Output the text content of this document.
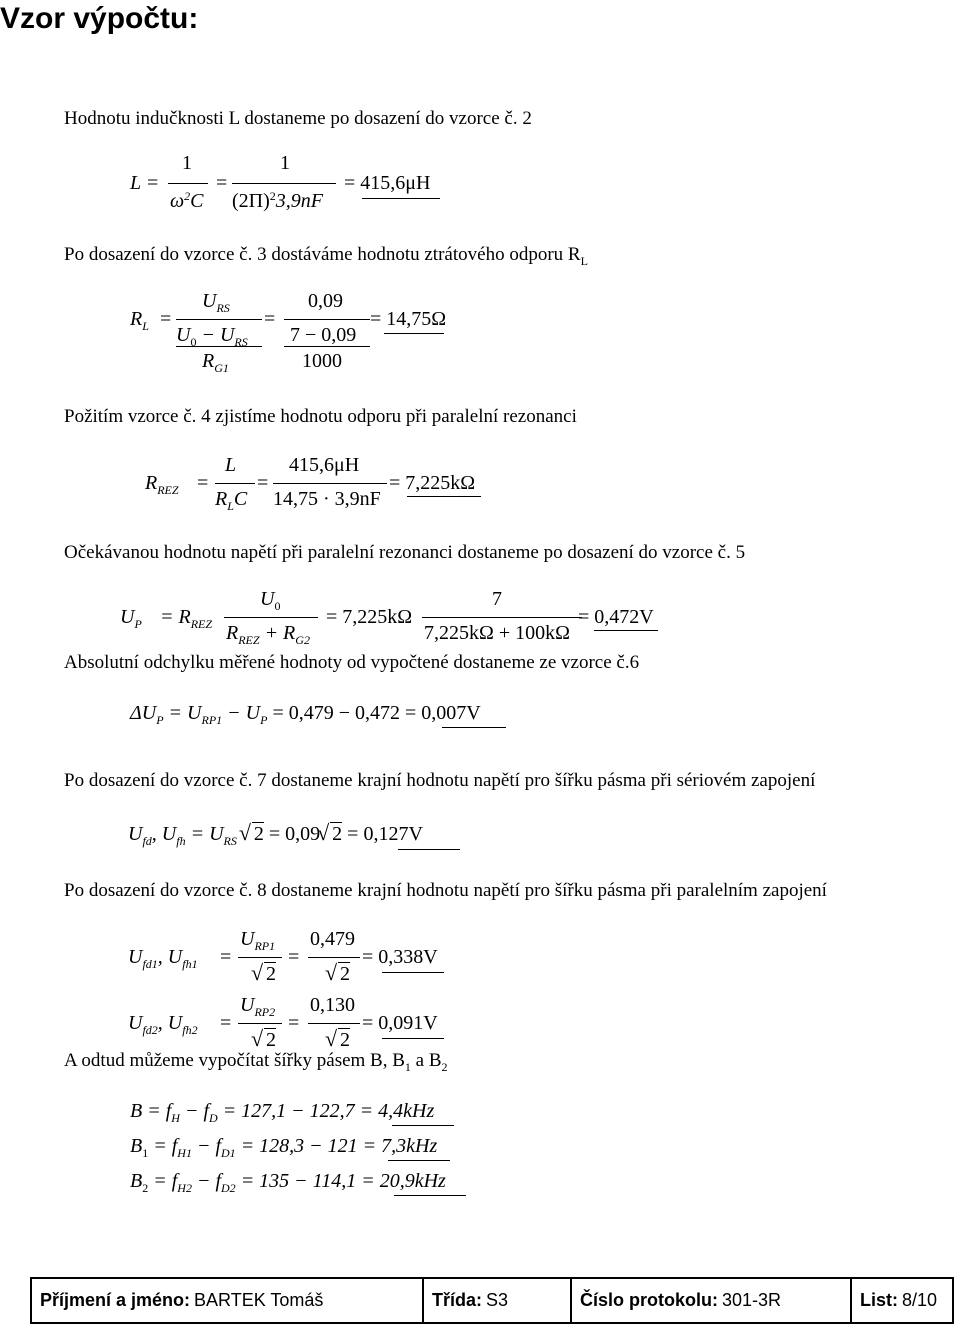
Vzor výpočtu:
Hodnotu indučknosti L dostaneme po dosazení do vzorce č. 2
L =
1
$\omega^2C$
=
1
$(2\Pi)^23,9nF$
= 415,6μH
Po dosazení do vzorce č. 3 dostáváme hodnotu ztrátového odporu $R_L$
$R_L$ =
$U_{RS}$
$U_0 - U_{RS}$
$R_{G1}$
=
0,09
7 − 0,09
1000
= 14,75Ω
Požitím vzorce č. 4 zjistíme hodnotu odporu při paralelní rezonanci
$R_{REZ}$ =
L
$R_LC$
=
415,6μH
14,75 · 3,9nF
= 7,225kΩ
Očekávanou hodnotu napětí při paralelní rezonanci dostaneme po dosazení do vzorce č. 5
$U_P = R_{REZ}$
$U_0$
$R_{REZ} + R_{G2}$
= 7,225kΩ
7
7,225kΩ + 100kΩ
= 0,472V
Absolutní odchylku měřené hodnoty od vypočtené dostaneme ze vzorce č.6
$\Delta U_P = U_{RP1} - U_P = 0,479 - 0,472 = 0,007V$
Po dosazení do vzorce č. 7 dostaneme krajní hodnotu napětí pro šířku pásma při sériovém zapojení
$U_{fd}$, $U_{fh} = U_{RS}$ √ 2 = 0,09 √ 2 = 0,127V
Po dosazení do vzorce č. 8 dostaneme krajní hodnotu napětí pro šířku pásma při paralelním zapojení
$U_{fd1}$, $U_{fh1}$ =
$U_{RP1}$
√ 2
=
0,479
√ 2
= 0,338V
$U_{fd2}$, $U_{fh2}$ =
$U_{RP2}$
√ 2
=
0,130
√ 2
= 0,091V
A odtud můžeme vypočítat šířky pásem B, $B_1$ a $B_2$
$B = f_H - f_D = 127,1 - 122,7 = 4,4kHz$
$B_1 = f_{H1} - f_{D1} = 128,3 - 121 = 7,3kHz$
$B_2 = f_{H2} - f_{D2} = 135 - 114,1 = 20,9kHz$
Příjmení a jméno: BARTEK Tomáš	Třída: S3	Číslo protokolu: 301-3R	List: 8/10
